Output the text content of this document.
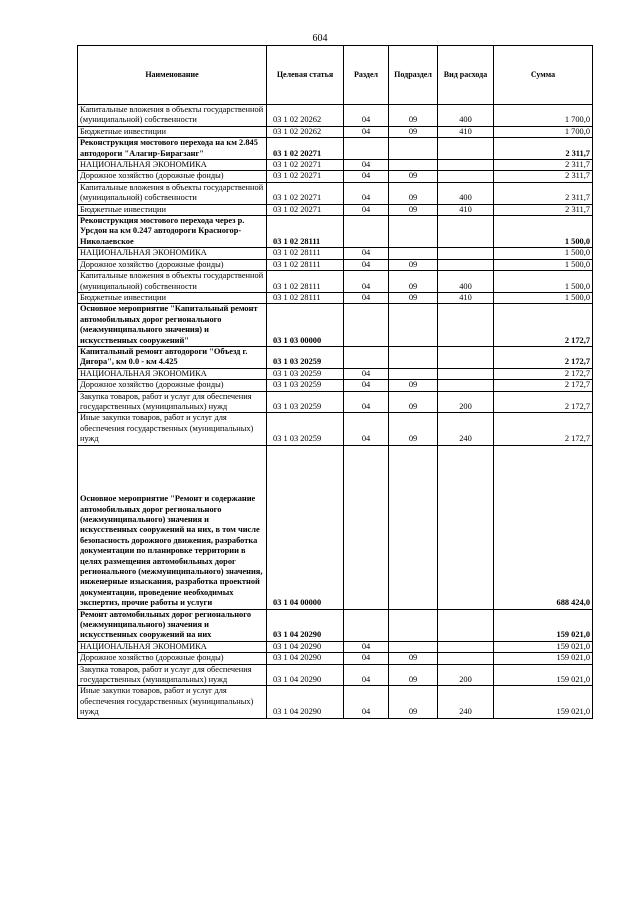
604
Наименование	Целевая статья	Раздел	Подраздел	Вид расхода	Сумма
Капитальные вложения в объекты государственной (муниципальной) собственности	03 1 02 20262	04	09	400	1 700,0
Бюджетные инвестиции	03 1 02 20262	04	09	410	1 700,0
Реконструкция мостового перехода на км 2.845 автодороги "Алагир-Бирагзанг"	03 1 02 20271				2 311,7
НАЦИОНАЛЬНАЯ ЭКОНОМИКА	03 1 02 20271	04			2 311,7
Дорожное хозяйство (дорожные фонды)	03 1 02 20271	04	09		2 311,7
Капитальные вложения в объекты государственной (муниципальной) собственности	03 1 02 20271	04	09	400	2 311,7
Бюджетные инвестиции	03 1 02 20271	04	09	410	2 311,7
Реконструкция мостового перехода через р. Урсдон на км 0.247 автодороги Красногор-Николаевское	03 1 02 28111				1 500,0
НАЦИОНАЛЬНАЯ ЭКОНОМИКА	03 1 02 28111	04			1 500,0
Дорожное хозяйство (дорожные фонды)	03 1 02 28111	04	09		1 500,0
Капитальные вложения в объекты государственной (муниципальной) собственности	03 1 02 28111	04	09	400	1 500,0
Бюджетные инвестиции	03 1 02 28111	04	09	410	1 500,0
Основное мероприятие "Капитальный ремонт автомобильных дорог регионального (межмуниципального значения) и искусственных сооружений"	03 1 03 00000				2 172,7
Капитальный ремонт автодороги "Объезд г. Дигора", км 0.0 - км 4.425	03 1 03 20259				2 172,7
НАЦИОНАЛЬНАЯ ЭКОНОМИКА	03 1 03 20259	04			2 172,7
Дорожное хозяйство (дорожные фонды)	03 1 03 20259	04	09		2 172,7
Закупка товаров, работ и услуг для обеспечения государственных (муниципальных) нужд	03 1 03 20259	04	09	200	2 172,7
Иные закупки товаров, работ и услуг для обеспечения государственных (муниципальных) нужд	03 1 03 20259	04	09	240	2 172,7
Основное мероприятие "Ремонт и содержание автомобильных дорог регионального (межмуниципального) значения и искусственных сооружений на них, в том числе безопасность дорожного движения, разработка документации по планировке территории в целях размещения автомобильных дорог регионального (межмуниципального) значения, инженерные изыскания, разработка проектной документации, проведение необходимых экспертиз, прочие работы и услуги	03 1 04 00000				688 424,0
Ремонт автомобильных дорог регионального (межмуниципального) значения и искусственных сооружений на них	03 1 04 20290				159 021,0
НАЦИОНАЛЬНАЯ ЭКОНОМИКА	03 1 04 20290	04			159 021,0
Дорожное хозяйство (дорожные фонды)	03 1 04 20290	04	09		159 021,0
Закупка товаров, работ и услуг для обеспечения государственных (муниципальных) нужд	03 1 04 20290	04	09	200	159 021,0
Иные закупки товаров, работ и услуг для обеспечения государственных (муниципальных) нужд	03 1 04 20290	04	09	240	159 021,0
